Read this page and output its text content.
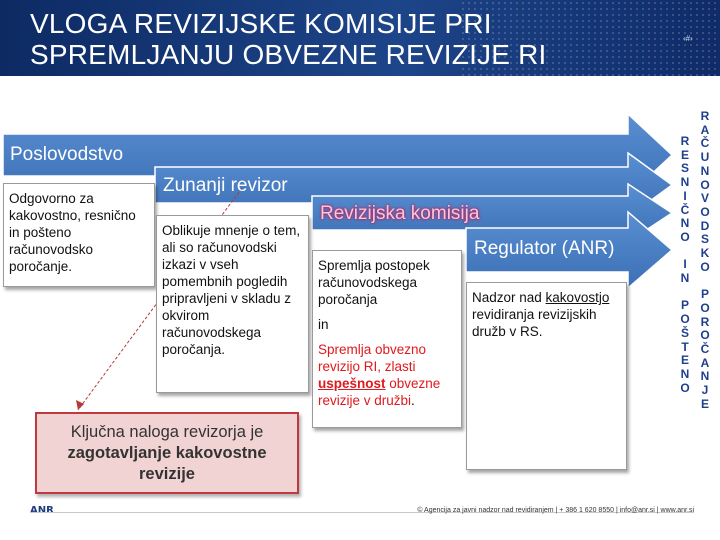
VLOGA REVIZIJSKE KOMISIJE PRI
SPREMLJANJU OBVEZNE REVIZIJE RI
‹#›
Poslovodstvo
Zunanji revizor
Revizijska komisija
Regulator (ANR)

Odgovorno za kakovostno, resnično in pošteno računovodsko poročanje.

Oblikuje mnenje o tem, ali so računovodski izkazi v vseh pomembnih pogledih pripravljeni v skladu z okvirom računovodskega poročanja.

Spremlja postopek računovodskega poročanja

in

Spremlja obvezno revizijo RI, zlasti uspešnost obvezne revizije v družbi.

Nadzor nad kakovostjo revidiranja revizijskih družb v RS.

R
E
S
N
I
Č
N
O

I
N

P
O
Š
T
E
N
O
R
A
Č
U
N
O
V
O
D
S
K
O

P
O
R
O
Č
A
N
J
E
Ključna naloga revizorja je
zagotavljanje kakovostne
revizije
ANR	© Agencija za javni nadzor nad revidiranjem | + 386 1 620 8550 | info@anr.si | www.anr.si
